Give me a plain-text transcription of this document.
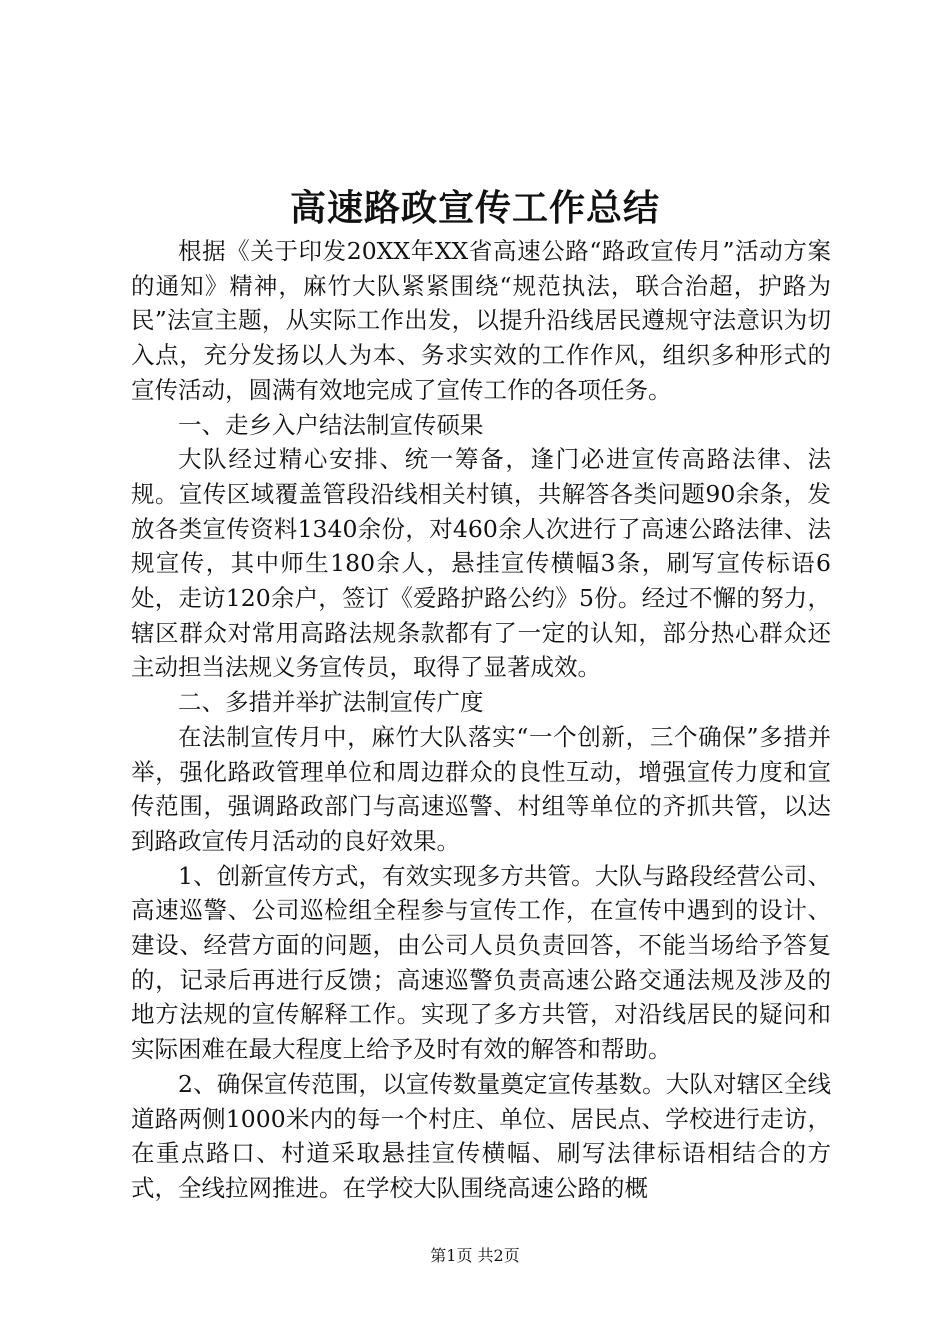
高速路政宣传工作总结

根据《关于印发20XX年XX省高速公路“路政宣传月”活动方案的通知》精神，麻竹大队紧紧围绕“规范执法，联合治超，护路为民”法宣主题，从实际工作出发，以提升沿线居民遵规守法意识为切入点，充分发扬以人为本、务求实效的工作作风，组织多种形式的宣传活动，圆满有效地完成了宣传工作的各项任务。

一、走乡入户结法制宣传硕果

大队经过精心安排、统一筹备，逢门必进宣传高路法律、法规。宣传区域覆盖管段沿线相关村镇，共解答各类问题90余条，发放各类宣传资料1340余份，对460余人次进行了高速公路法律、法规宣传，其中师生180余人，悬挂宣传横幅3条，刷写宣传标语6处，走访120余户，签订《爱路护路公约》5份。经过不懈的努力，辖区群众对常用高路法规条款都有了一定的认知，部分热心群众还主动担当法规义务宣传员，取得了显著成效。

二、多措并举扩法制宣传广度

在法制宣传月中，麻竹大队落实“一个创新，三个确保”多措并举，强化路政管理单位和周边群众的良性互动，增强宣传力度和宣传范围，强调路政部门与高速巡警、村组等单位的齐抓共管，以达到路政宣传月活动的良好效果。

1、创新宣传方式，有效实现多方共管。大队与路段经营公司、高速巡警、公司巡检组全程参与宣传工作，在宣传中遇到的设计、建设、经营方面的问题，由公司人员负责回答，不能当场给予答复的，记录后再进行反馈；高速巡警负责高速公路交通法规及涉及的地方法规的宣传解释工作。实现了多方共管，对沿线居民的疑问和实际困难在最大程度上给予及时有效的解答和帮助。

2、确保宣传范围，以宣传数量奠定宣传基数。大队对辖区全线道路两侧1000米内的每一个村庄、单位、居民点、学校进行走访，在重点路口、村道采取悬挂宣传横幅、刷写法律标语相结合的方式，全线拉网推进。在学校大队围绕高速公路的概

第1页 共2页
